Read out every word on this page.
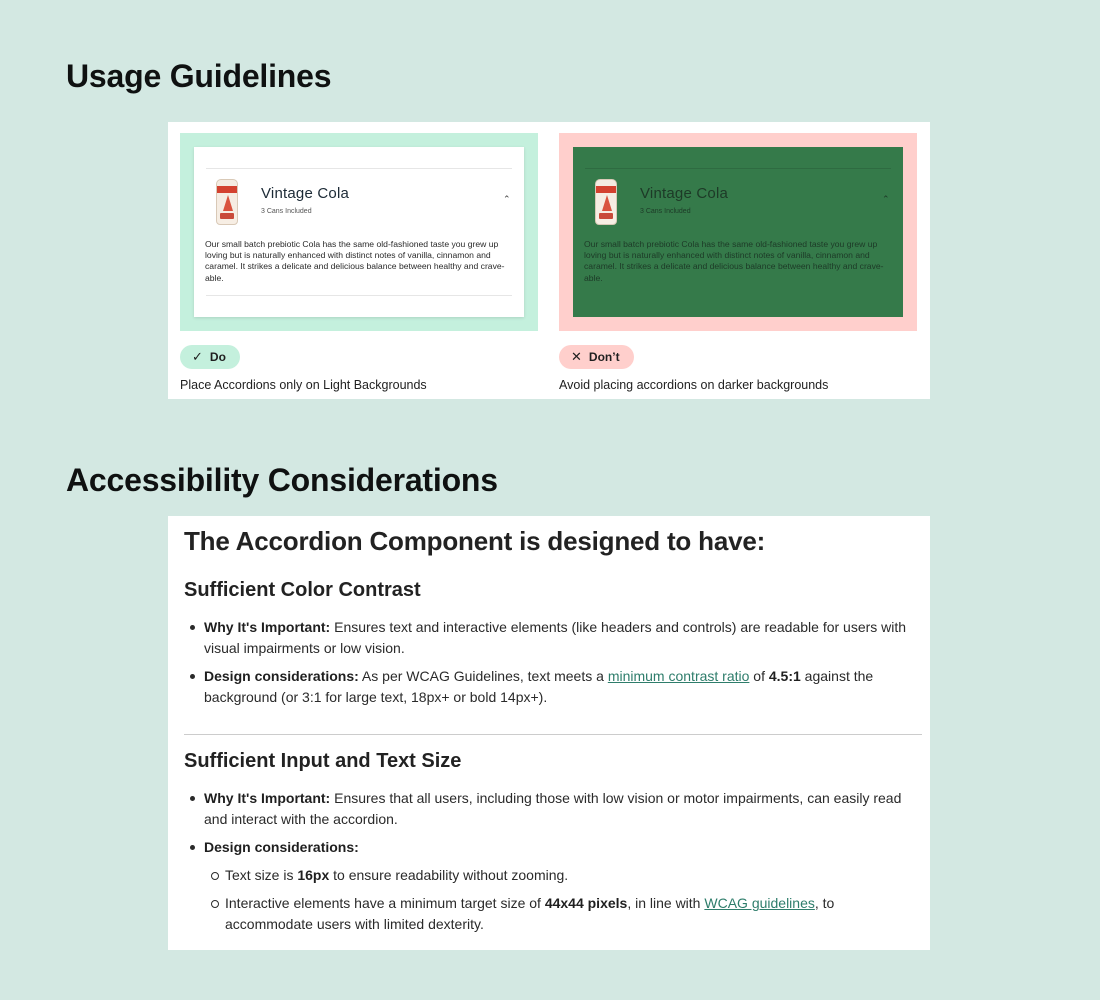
Usage Guidelines
Vintage Cola
3 Cans Included
⌃
Our small batch prebiotic Cola has the same old-fashioned taste you grew up loving but is naturally enhanced with distinct notes of vanilla, cinnamon and caramel. It strikes a delicate and delicious balance between healthy and crave-able.
Vintage Cola
3 Cans Included
⌃
Our small batch prebiotic Cola has the same old-fashioned taste you grew up loving but is naturally enhanced with distinct notes of vanilla, cinnamon and caramel. It strikes a delicate and delicious balance between healthy and crave-able.
✓ Do	✕ Don’t
Place Accordions only on Light Backgrounds	Avoid placing accordions on darker backgrounds
Accessibility Considerations
The Accordion Component is designed to have:
Sufficient Color Contrast
Why It's Important: Ensures text and interactive elements (like headers and controls) are readable for users with visual impairments or low vision.
Design considerations: As per WCAG Guidelines, text meets a minimum contrast ratio of 4.5:1 against the background (or 3:1 for large text, 18px+ or bold 14px+).
Sufficient Input and Text Size
Why It's Important: Ensures that all users, including those with low vision or motor impairments, can easily read and interact with the accordion.
Design considerations:
Text size is 16px to ensure readability without zooming.
Interactive elements have a minimum target size of 44x44 pixels, in line with WCAG guidelines, to accommodate users with limited dexterity.
